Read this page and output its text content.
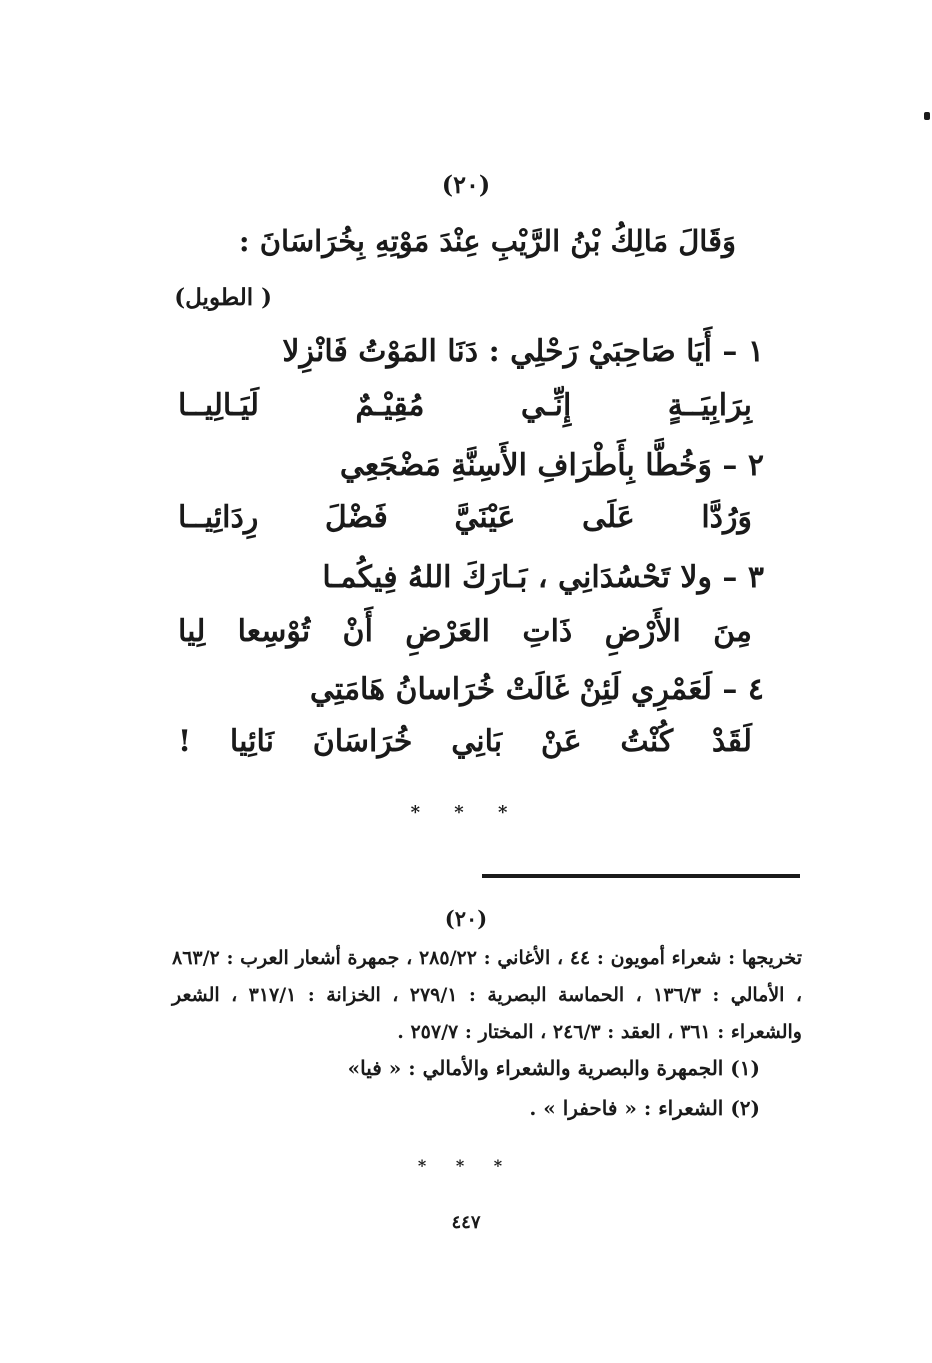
(٢٠)
وَقَالَ مَالِكُ بْنُ الرَّيْبِ عِنْدَ مَوْتِهِ بِخُرَاسَانَ :
( الطويل)
١ – أَيَا صَاحِبَيْ رَحْلِي : دَنَا المَوْتُ فَانْزِلا
بِرَابِيَــةٍ إِنِّـي مُقِيْـمٌ لَيَـالِيــا
٢ – وَخُطَّا بِأَطْرَافِ الأَسِنَّةِ مَضْجَعِي
وَرُدَّا عَلَى عَيْنَيَّ فَضْلَ رِدَائِيــا
٣ – ولا تَحْسُدَانِي ، بَـارَكَ اللهُ فِيكُمـا
مِنَ الأَرْضِ ذَاتِ العَرْضِ أَنْ تُوْسِعا لِيا
٤ – لَعَمْرِي لَئِنْ غَالَتْ خُرَاسانُ هَامَتِي
لَقَدْ كُنْتُ عَنْ بَانِي خُرَاسَانَ نَائِيا !
* * *
(٢٠)
تخريجها : شعراء أمويون : ٤٤ ، الأغاني : ٢٨٥/٢٢ ، جمهرة أشعار العرب : ٨٦٣/٢ ، الأمالي : ١٣٦/٣ ، الحماسة البصرية : ٢٧٩/١ ، الخزانة : ٣١٧/١ ، الشعر والشعراء : ٣٦١ ، العقد : ٢٤٦/٣ ، المختار : ٢٥٧/٧ .
(١) الجمهرة والبصرية والشعراء والأمالي : « فيا»
(٢) الشعراء : « فاحفرا » .
* * *
٤٤٧
